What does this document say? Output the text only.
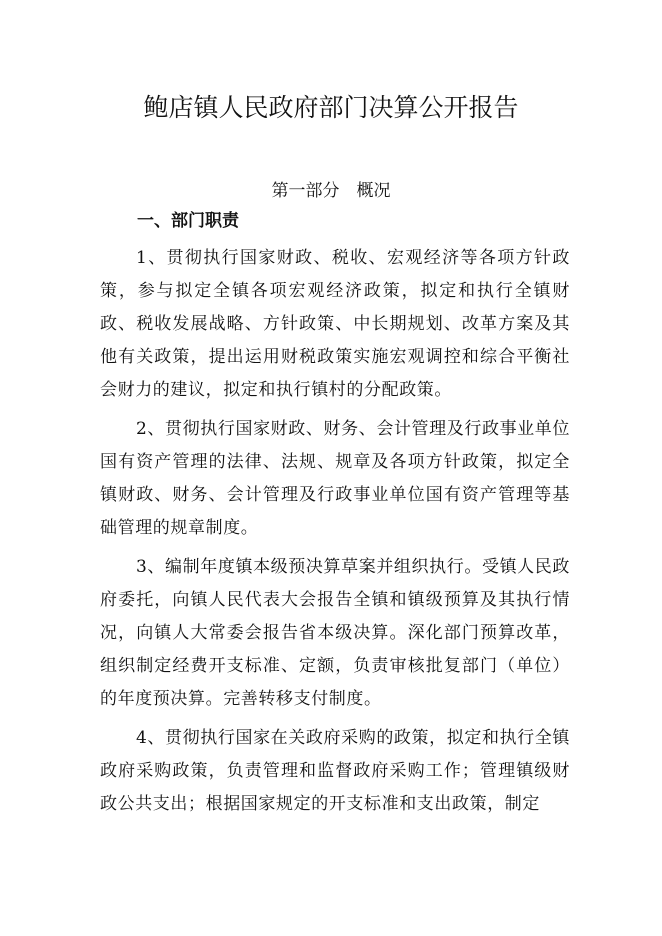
鲍店镇人民政府部门决算公开报告
第一部分　概况
一、部门职责

1、贯彻执行国家财政、税收、宏观经济等各项方针政策，参与拟定全镇各项宏观经济政策，拟定和执行全镇财政、税收发展战略、方针政策、中长期规划、改革方案及其他有关政策，提出运用财税政策实施宏观调控和综合平衡社会财力的建议，拟定和执行镇村的分配政策。

2、贯彻执行国家财政、财务、会计管理及行政事业单位国有资产管理的法律、法规、规章及各项方针政策，拟定全镇财政、财务、会计管理及行政事业单位国有资产管理等基础管理的规章制度。

3、编制年度镇本级预决算草案并组织执行。受镇人民政府委托，向镇人民代表大会报告全镇和镇级预算及其执行情况，向镇人大常委会报告省本级决算。深化部门预算改革，组织制定经费开支标准、定额，负责审核批复部门（单位）的年度预决算。完善转移支付制度。

4、贯彻执行国家在关政府采购的政策，拟定和执行全镇政府采购政策，负责管理和监督政府采购工作；管理镇级财政公共支出；根据国家规定的开支标准和支出政策，制定
